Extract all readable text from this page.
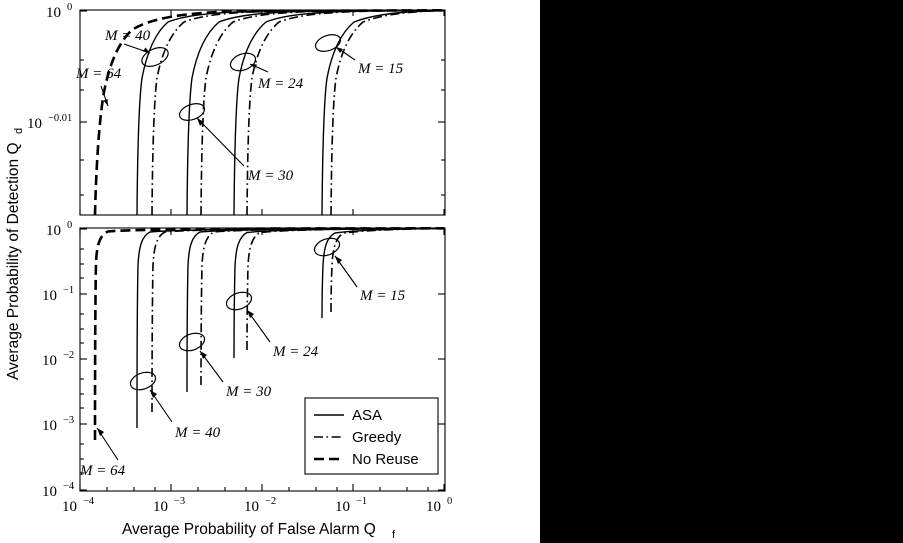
10 0
10 −0.01
M = 40
M = 64
M = 24
M = 15
M = 30
10 0
10 −1
10 −2
10 −3
10 −4
10 −4	10 −3	10 −2	10 −1	10 0
M = 15
M = 24
M = 30
M = 40
M = 64
ASA
Greedy
No Reuse
Average Probability of Detection Q
d
Average Probability of False Alarm Q f
